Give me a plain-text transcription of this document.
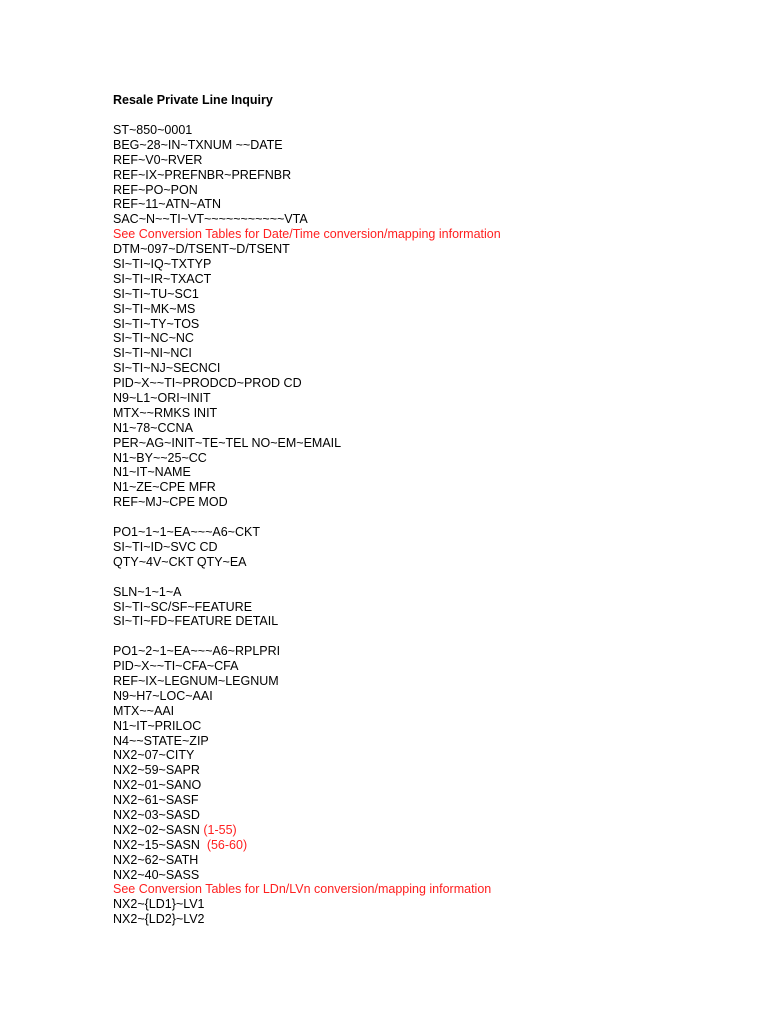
Resale Private Line Inquiry
ST~850~0001
BEG~28~IN~TXNUM ~~DATE
REF~V0~RVER
REF~IX~PREFNBR~PREFNBR
REF~PO~PON
REF~11~ATN~ATN
SAC~N~~TI~VT~~~~~~~~~~~VTA
See Conversion Tables for Date/Time conversion/mapping information
DTM~097~D/TSENT~D/TSENT
SI~TI~IQ~TXTYP
SI~TI~IR~TXACT
SI~TI~TU~SC1
SI~TI~MK~MS
SI~TI~TY~TOS
SI~TI~NC~NC
SI~TI~NI~NCI
SI~TI~NJ~SECNCI
PID~X~~TI~PRODCD~PROD CD
N9~L1~ORI~INIT
MTX~~RMKS INIT
N1~78~CCNA
PER~AG~INIT~TE~TEL NO~EM~EMAIL
N1~BY~~25~CC
N1~IT~NAME
N1~ZE~CPE MFR
REF~MJ~CPE MOD
PO1~1~1~EA~~~A6~CKT
SI~TI~ID~SVC CD
QTY~4V~CKT QTY~EA
SLN~1~1~A
SI~TI~SC/SF~FEATURE
SI~TI~FD~FEATURE DETAIL
PO1~2~1~EA~~~A6~RPLPRI
PID~X~~TI~CFA~CFA
REF~IX~LEGNUM~LEGNUM
N9~H7~LOC~AAI
MTX~~AAI
N1~IT~PRILOC
N4~~STATE~ZIP
NX2~07~CITY
NX2~59~SAPR
NX2~01~SANO
NX2~61~SASF
NX2~03~SASD
NX2~02~SASN (1-55)
NX2~15~SASN  (56-60)
NX2~62~SATH
NX2~40~SASS
See Conversion Tables for LDn/LVn conversion/mapping information
NX2~{LD1}~LV1
NX2~{LD2}~LV2
